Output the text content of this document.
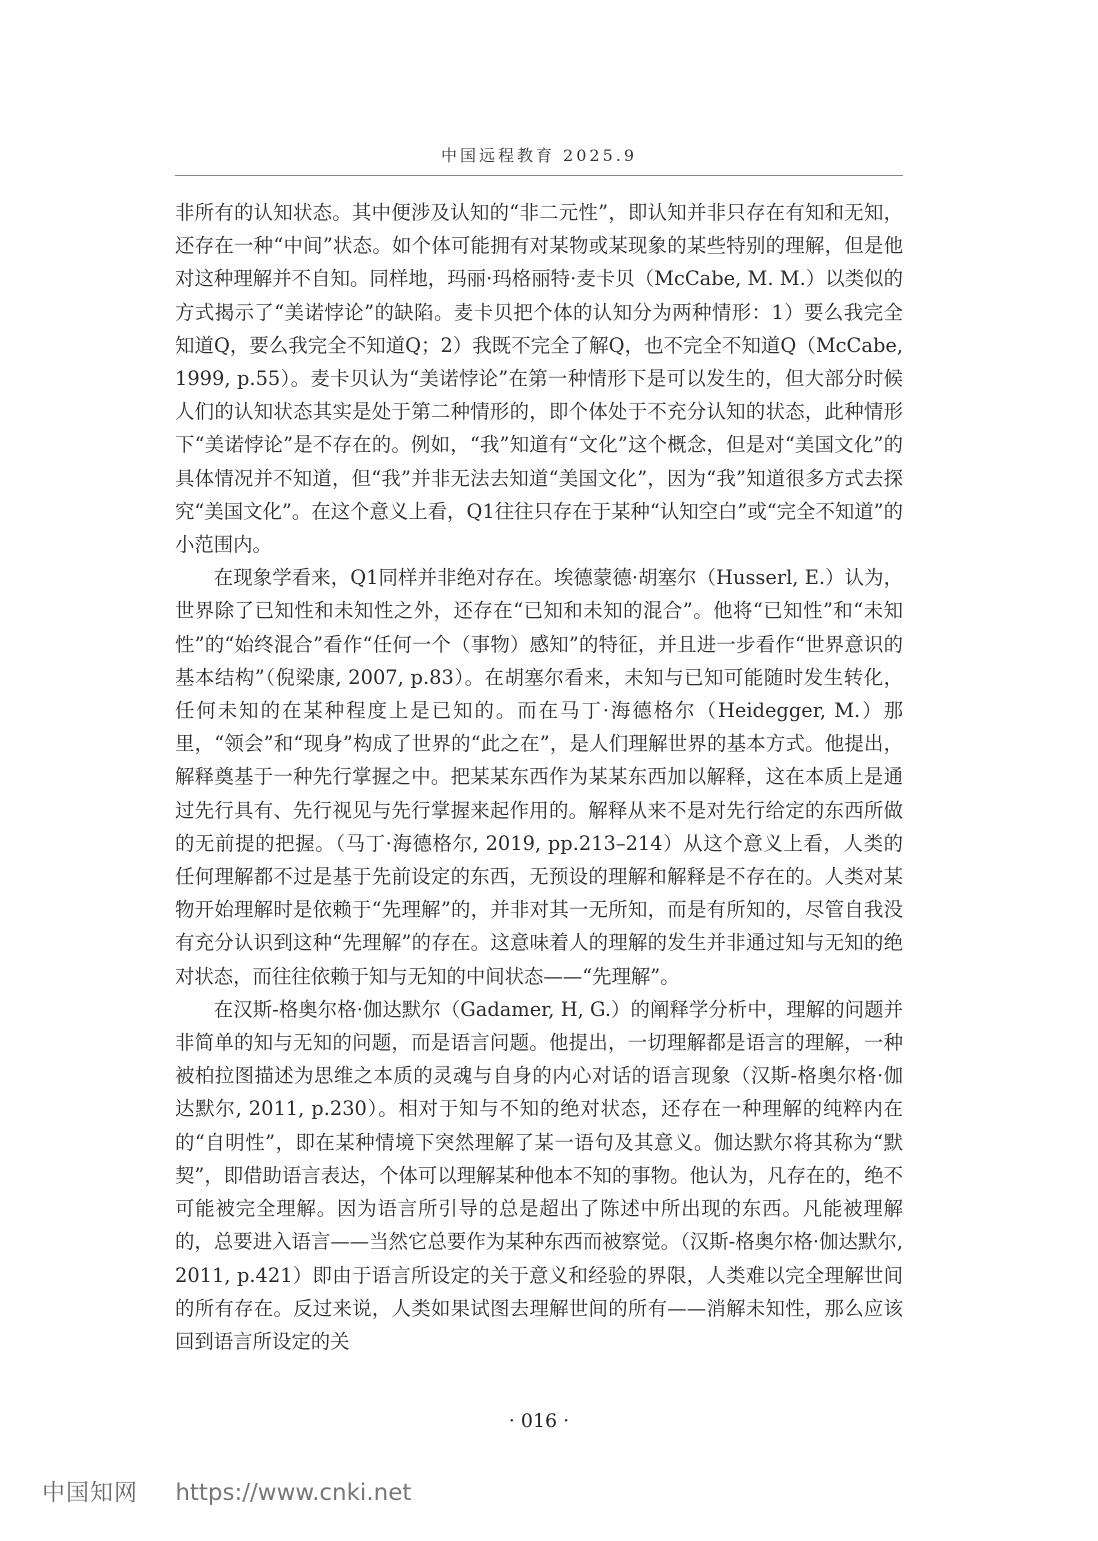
中国远程教育 2025.9

非所有的认知状态。其中便涉及认知的“非二元性”，即认知并非只存在有知和无知，还存在一种“中间”状态。如个体可能拥有对某物或某现象的某些特别的理解，但是他对这种理解并不自知。同样地，玛丽·玛格丽特·麦卡贝（McCabe, M. M.）以类似的方式揭示了“美诺悖论”的缺陷。麦卡贝把个体的认知分为两种情形：1）要么我完全知道Q，要么我完全不知道Q；2）我既不完全了解Q，也不完全不知道Q（McCabe, 1999, p.55）。麦卡贝认为“美诺悖论”在第一种情形下是可以发生的，但大部分时候人们的认知状态其实是处于第二种情形的，即个体处于不充分认知的状态，此种情形下“美诺悖论”是不存在的。例如，“我”知道有“文化”这个概念，但是对“美国文化”的具体情况并不知道，但“我”并非无法去知道“美国文化”，因为“我”知道很多方式去探究“美国文化”。在这个意义上看，Q1往往只存在于某种“认知空白”或“完全不知道”的小范围内。

在现象学看来，Q1同样并非绝对存在。埃德蒙德·胡塞尔（Husserl, E.）认为，世界除了已知性和未知性之外，还存在“已知和未知的混合”。他将“已知性”和“未知性”的“始终混合”看作“任何一个（事物）感知”的特征，并且进一步看作“世界意识的基本结构”（倪梁康, 2007, p.83）。在胡塞尔看来，未知与已知可能随时发生转化，任何未知的在某种程度上是已知的。而在马丁·海德格尔（Heidegger, M.）那里，“领会”和“现身”构成了世界的“此之在”，是人们理解世界的基本方式。他提出，解释奠基于一种先行掌握之中。把某某东西作为某某东西加以解释，这在本质上是通过先行具有、先行视见与先行掌握来起作用的。解释从来不是对先行给定的东西所做的无前提的把握。（马丁·海德格尔, 2019, pp.213–214）从这个意义上看，人类的任何理解都不过是基于先前设定的东西，无预设的理解和解释是不存在的。人类对某物开始理解时是依赖于“先理解”的，并非对其一无所知，而是有所知的，尽管自我没有充分认识到这种“先理解”的存在。这意味着人的理解的发生并非通过知与无知的绝对状态，而往往依赖于知与无知的中间状态——“先理解”。

在汉斯-格奥尔格·伽达默尔（Gadamer, H, G.）的阐释学分析中，理解的问题并非简单的知与无知的问题，而是语言问题。他提出，一切理解都是语言的理解，一种被柏拉图描述为思维之本质的灵魂与自身的内心对话的语言现象（汉斯-格奥尔格·伽达默尔, 2011, p.230）。相对于知与不知的绝对状态，还存在一种理解的纯粹内在的“自明性”，即在某种情境下突然理解了某一语句及其意义。伽达默尔将其称为“默契”，即借助语言表达，个体可以理解某种他本不知的事物。他认为，凡存在的，绝不可能被完全理解。因为语言所引导的总是超出了陈述中所出现的东西。凡能被理解的，总要进入语言——当然它总要作为某种东西而被察觉。（汉斯-格奥尔格·伽达默尔, 2011, p.421）即由于语言所设定的关于意义和经验的界限，人类难以完全理解世间的所有存在。反过来说，人类如果试图去理解世间的所有——消解未知性，那么应该回到语言所设定的关

· 016 ·
中国知网 https://www.cnki.net
